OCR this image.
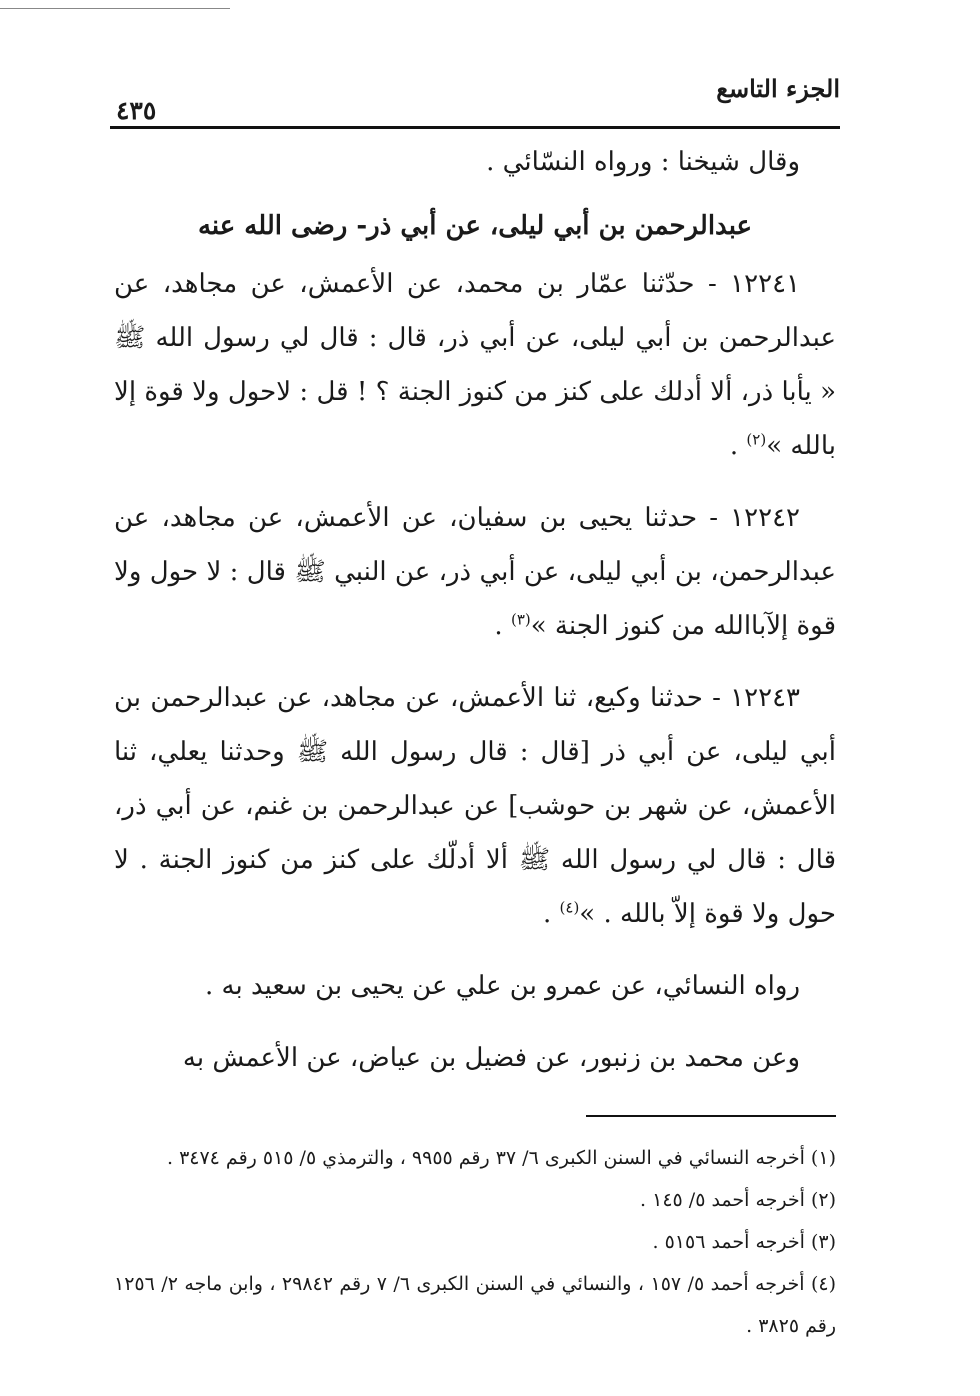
الجزء التاسع
٤٣٥

وقال شيخنا : ورواه النسّائي .

عبدالرحمن بن أبي ليلى، عن أبي ذر- رضى الله عنه

١٢٢٤١ - حدّثنا عمّار بن محمد، عن الأعمش، عن مجاهد، عن عبدالرحمن بن أبي ليلى، عن أبي ذر، قال : قال لي رسول الله ﷺ « يأبا ذر، ألا أدلك على كنز من كنوز الجنة ؟ ! قل : لاحول ولا قوة إلا بالله »$^{(٢)}$ .

١٢٢٤٢ - حدثنا يحيى بن سفيان، عن الأعمش، عن مجاهد، عن عبدالرحمن، بن أبي ليلى، عن أبي ذر، عن النبي ﷺ قال : لا حول ولا قوة إلآباالله من كنوز الجنة »$^{(٣)}$ .

١٢٢٤٣ - حدثنا وكيع، ثنا الأعمش، عن مجاهد، عن عبدالرحمن بن أبي ليلى، عن أبي ذر [قال : قال رسول الله ﷺ وحدثنا يعلي، ثنا الأعمش، عن شهر بن حوشب] عن عبدالرحمن بن غنم، عن أبي ذر، قال : قال لي رسول الله ﷺ ألا أدلّك على كنز من كنوز الجنة . لا حول ولا قوة إلاّ بالله . »$^{(٤)}$ .

رواه النسائي، عن عمرو بن علي عن يحيى بن سعيد به .

وعن محمد بن زنبور، عن فضيل بن عياض، عن الأعمش به

(١) أخرجه النسائي في السنن الكبرى ٦/ ٣٧ رقم ٩٩٥٥ ، والترمذي ٥/ ٥١٥ رقم ٣٤٧٤ .

(٢) أخرجه أحمد ٥/ ١٤٥ .

(٣) أخرجه أحمد ٥١٥٦ .

(٤) أخرجه أحمد ٥/ ١٥٧ ، والنسائي في السنن الكبرى ٦/ ٧ رقم ٢٩٨٤٢ ، وابن ماجه ٢/ ١٢٥٦ رقم ٣٨٢٥ .
